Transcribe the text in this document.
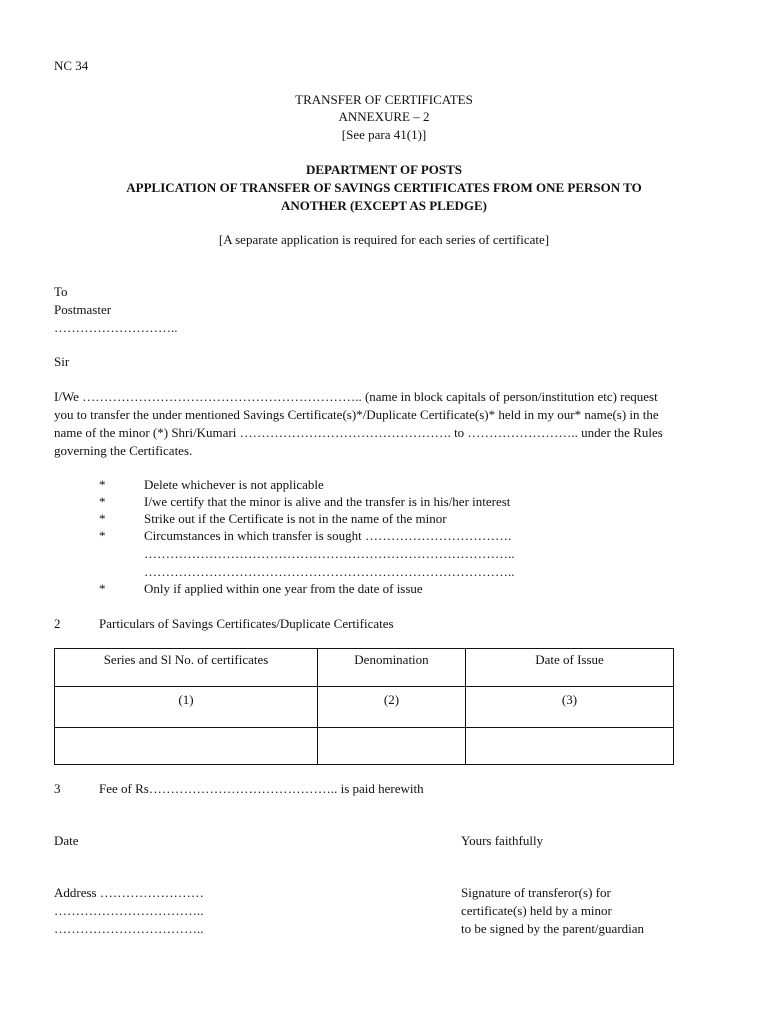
NC 34
TRANSFER OF CERTIFICATES
ANNEXURE – 2
[See para 41(1)]
DEPARTMENT OF POSTS
APPLICATION OF TRANSFER OF SAVINGS CERTIFICATES FROM ONE PERSON TO
ANOTHER (EXCEPT AS PLEDGE)
[A separate application is required for each series of certificate]
To
Postmaster
………………………..
Sir
I/We ……………………………………………………….. (name in block capitals of person/institution etc) request
you to transfer the under mentioned Savings Certificate(s)*/Duplicate Certificate(s)* held in my our* name(s) in the
name of the minor (*) Shri/Kumari …………………………………………. to …………………….. under the Rules
governing the Certificates.
*	Delete whichever is not applicable
*	I/we certify that the minor is alive and the transfer is in his/her interest
*	Strike out if the Certificate is not in the name of the minor
*	Circumstances in which transfer is sought …………………………….
…………………………………………………………………………..
…………………………………………………………………………..
*	Only if applied within one year from the date of issue
2	Particulars of Savings Certificates/Duplicate Certificates
Series and Sl No. of certificates	Denomination	Date of Issue
(1)	(2)	(3)

3	Fee of Rs…………………………………….. is paid herewith
Date	Yours faithfully
Address ……………………
……………………………..
……………………………..
Signature of transferor(s) for
certificate(s) held by a minor
to be signed by the parent/guardian
